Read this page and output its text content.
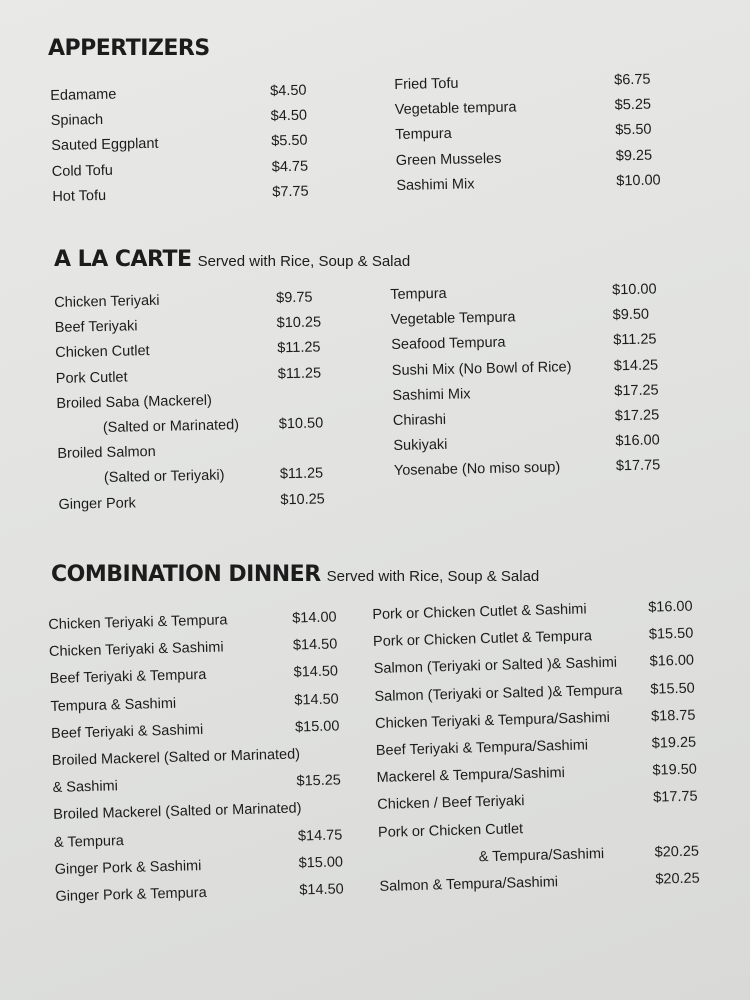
APPERTIZERS
Edamame	$4.50
Spinach	$4.50
Sauted Eggplant	$5.50
Cold Tofu	$4.75
Hot Tofu	$7.75
Fried Tofu	$6.75
Vegetable tempura	$5.25
Tempura	$5.50
Green Musseles	$9.25
Sashimi Mix	$10.00
A LA CARTE Served with Rice, Soup & Salad
Chicken Teriyaki	$9.75
Beef Teriyaki	$10.25
Chicken Cutlet	$11.25
Pork Cutlet	$11.25
Broiled Saba (Mackerel)
(Salted or Marinated)	$10.50
Broiled Salmon
(Salted or Teriyaki)	$11.25
Ginger Pork	$10.25
Tempura	$10.00
Vegetable Tempura	$9.50
Seafood Tempura	$11.25
Sushi Mix (No Bowl of Rice)	$14.25
Sashimi Mix	$17.25
Chirashi	$17.25
Sukiyaki	$16.00
Yosenabe (No miso soup)	$17.75
COMBINATION DINNER Served with Rice, Soup & Salad
Chicken Teriyaki & Tempura	$14.00
Chicken Teriyaki & Sashimi	$14.50
Beef Teriyaki & Tempura	$14.50
Tempura & Sashimi	$14.50
Beef Teriyaki & Sashimi	$15.00
Broiled Mackerel (Salted or Marinated)
& Sashimi	$15.25
Broiled Mackerel (Salted or Marinated)
& Tempura	$14.75
Ginger Pork & Sashimi	$15.00
Ginger Pork & Tempura	$14.50
Pork or Chicken Cutlet & Sashimi	$16.00
Pork or Chicken Cutlet & Tempura	$15.50
Salmon (Teriyaki or Salted )& Sashimi $16.00
Salmon (Teriyaki or Salted )& Tempura $15.50
Chicken Teriyaki & Tempura/Sashimi	$18.75
Beef Teriyaki & Tempura/Sashimi	$19.25
Mackerel & Tempura/Sashimi	$19.50
Chicken / Beef Teriyaki	$17.75
Pork or Chicken Cutlet
& Tempura/Sashimi	$20.25
Salmon & Tempura/Sashimi	$20.25
